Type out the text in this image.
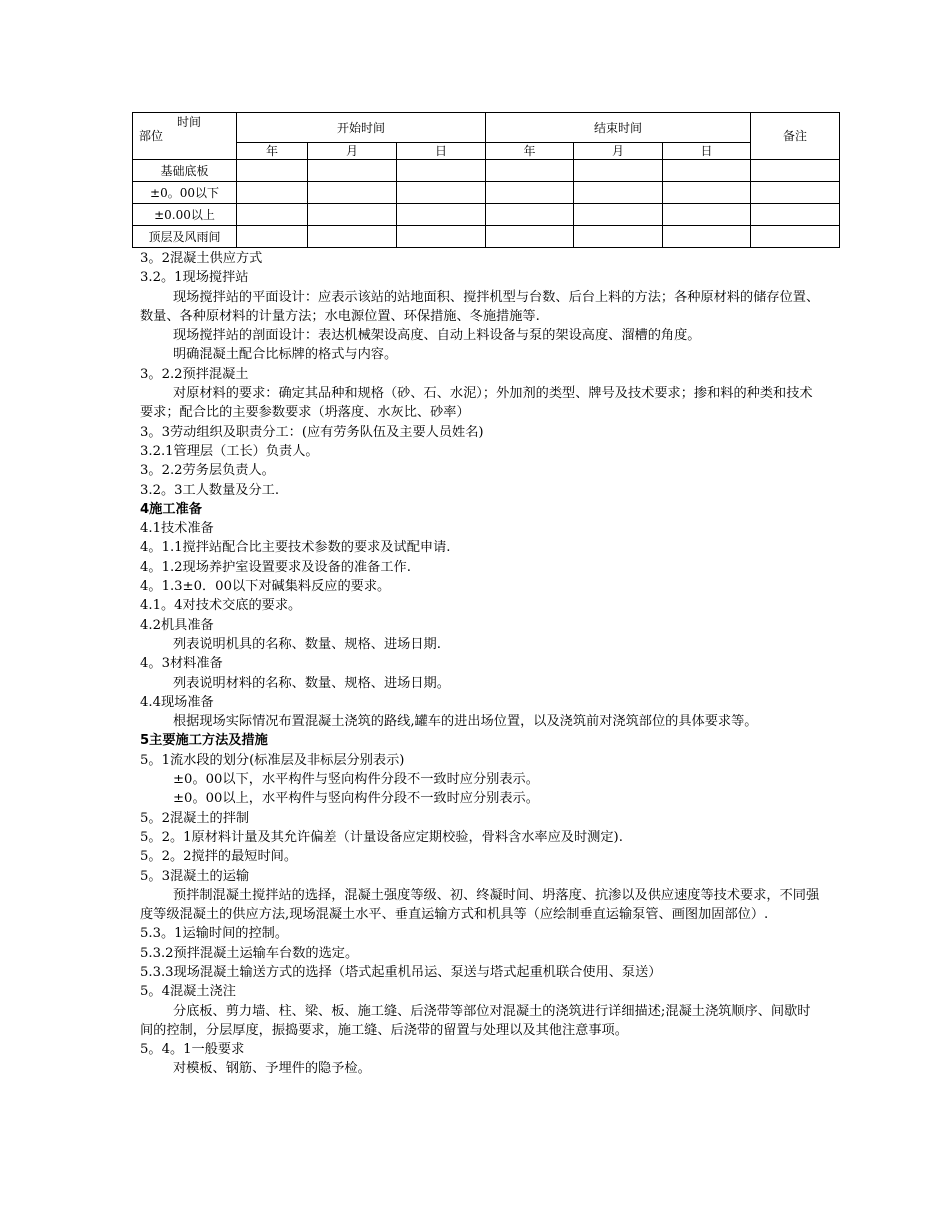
时间
部位	开始时间			结束时间			备注
	年	月	日	年	月	日	
基础底板							
±0。00以下							
±0.00以上							
顶层及风雨间							

3。2混凝土供应方式

3.2。1现场搅拌站

现场搅拌站的平面设计：应表示该站的站地面积、搅拌机型与台数、后台上料的方法；各种原材料的储存位置、数量、各种原材料的计量方法；水电源位置、环保措施、冬施措施等.

现场搅拌站的剖面设计：表达机械架设高度、自动上料设备与泵的架设高度、溜槽的角度。

明确混凝土配合比标牌的格式与内容。

3。2.2预拌混凝土

对原材料的要求：确定其品种和规格（砂、石、水泥）；外加剂的类型、牌号及技术要求；掺和料的种类和技术要求；配合比的主要参数要求（坍落度、水灰比、砂率）

3。3劳动组织及职责分工：(应有劳务队伍及主要人员姓名)

3.2.1管理层（工长）负责人。

3。2.2劳务层负责人。

3.2。3工人数量及分工.

4施工准备

4.1技术准备

4。1.1搅拌站配合比主要技术参数的要求及试配申请.

4。1.2现场养护室设置要求及设备的准备工作.

4。1.3±0．00以下对碱集料反应的要求。

4.1。4对技术交底的要求。

4.2机具准备

列表说明机具的名称、数量、规格、进场日期.

4。3材料准备

列表说明材料的名称、数量、规格、进场日期。

4.4现场准备

根据现场实际情况布置混凝土浇筑的路线,罐车的进出场位置，以及浇筑前对浇筑部位的具体要求等。

5主要施工方法及措施

5。1流水段的划分(标准层及非标层分别表示)

±0。00以下，水平构件与竖向构件分段不一致时应分别表示。

±0。00以上，水平构件与竖向构件分段不一致时应分别表示。

5。2混凝土的拌制

5。2。1原材料计量及其允许偏差（计量设备应定期校验，骨料含水率应及时测定).

5。2。2搅拌的最短时间。

5。3混凝土的运输

预拌制混凝土搅拌站的选择，混凝土强度等级、初、终凝时间、坍落度、抗渗以及供应速度等技术要求，不同强度等级混凝土的供应方法,现场混凝土水平、垂直运输方式和机具等（应绘制垂直运输泵管、画图加固部位）.

5.3。1运输时间的控制。

5.3.2预拌混凝土运输车台数的选定。

5.3.3现场混凝土输送方式的选择（塔式起重机吊运、泵送与塔式起重机联合使用、泵送）

5。4混凝土浇注

分底板、剪力墙、柱、梁、板、施工缝、后浇带等部位对混凝土的浇筑进行详细描述;混凝土浇筑顺序、间歇时间的控制，分层厚度，振捣要求，施工缝、后浇带的留置与处理以及其他注意事项。

5。4。1一般要求

对模板、钢筋、予埋件的隐予检。
